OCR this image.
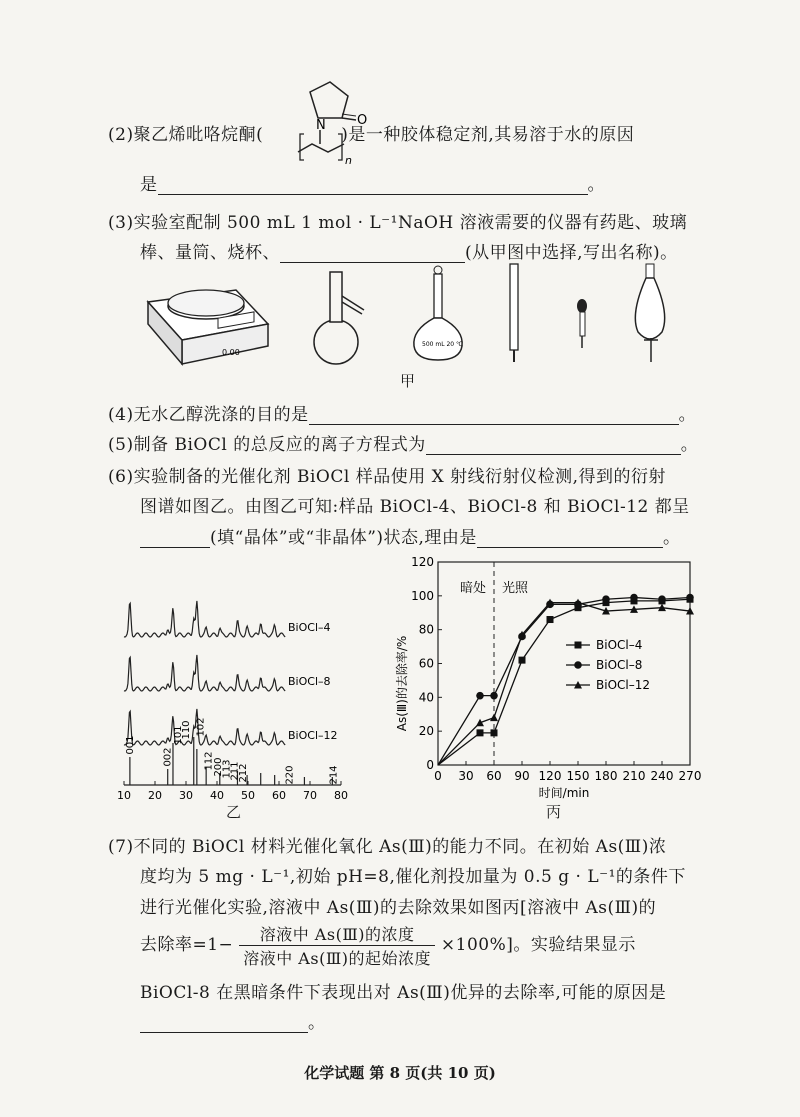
(2)聚乙烯吡咯烷酮(	)是一种胶体稳定剂,其易溶于水的原因
N O
n
是	。
(3)实验室配制 500 mL 1 mol · L⁻¹NaOH 溶液需要的仪器有药匙、玻璃
棒、量筒、烧杯、	(从甲图中选择,写出名称)。
0.00
500 mL 20 ℃
甲
(4)无水乙醇洗涤的目的是	。
(5)制备 BiOCl 的总反应的离子方程式为	。
(6)实验制备的光催化剂 BiOCl 样品使用 X 射线衍射仪检测,得到的衍射
图谱如图乙。由图乙可知:样品 BiOCl-4、BiOCl-8 和 BiOCl-12 都呈
(填“晶体”或“非晶体”)状态,理由是	。
BiOCl–4
BiOCl–8
BiOCl–12
001
002
101
110 102
112
200
113
211
212	220	214
10 20 30 40 50 60 70 80
乙
0
20
40
60
80
100
120
0 30 60 90 120 150 180 210 240 270
时间/min
As(Ⅲ)的去除率/%
暗处 光照
BiOCl–4
BiOCl–8
BiOCl–12
丙
(7)不同的 BiOCl 材料光催化氧化 As(Ⅲ)的能力不同。在初始 As(Ⅲ)浓
度均为 5 mg · L⁻¹,初始 pH=8,催化剂投加量为 0.5 g · L⁻¹的条件下
进行光催化实验,溶液中 As(Ⅲ)的去除效果如图丙[溶液中 As(Ⅲ)的
去除率$=1- \frac{\text{溶液中 As(Ⅲ)的浓度}}{\text{溶液中 As(Ⅲ)的起始浓度}} \times 100\%$]。实验结果显示
BiOCl-8 在黑暗条件下表现出对 As(Ⅲ)优异的去除率,可能的原因是
。
化学试题 第 8 页(共 10 页)
